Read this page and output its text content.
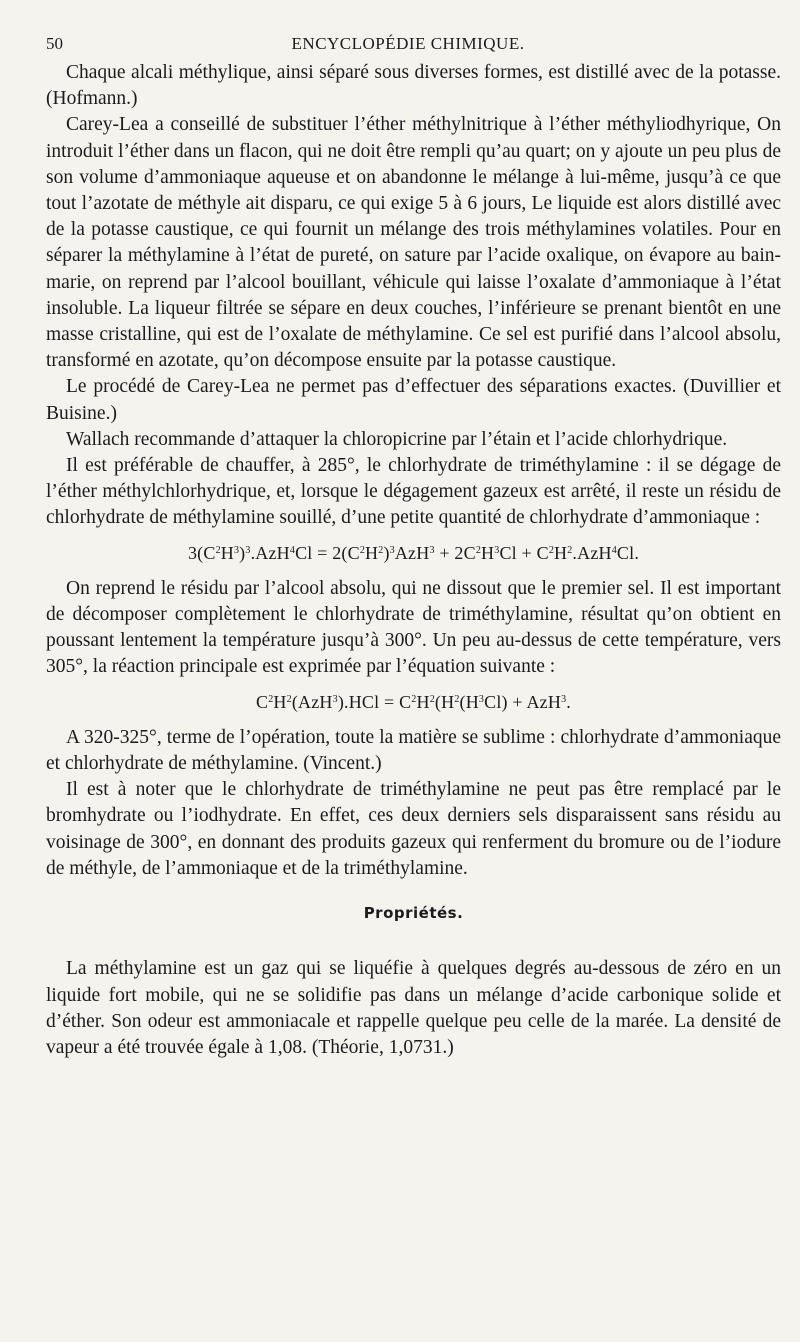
50	ENCYCLOPÉDIE CHIMIQUE.

Chaque alcali méthylique, ainsi séparé sous diverses formes, est distillé avec de la potasse. (Hofmann.)

Carey-Lea a conseillé de substituer l’éther méthylnitrique à l’éther méthyliodhyrique, On introduit l’éther dans un flacon, qui ne doit être rempli qu’au quart; on y ajoute un peu plus de son volume d’ammoniaque aqueuse et on abandonne le mélange à lui-même, jusqu’à ce que tout l’azotate de méthyle ait disparu, ce qui exige 5 à 6 jours, Le liquide est alors distillé avec de la potasse caustique, ce qui fournit un mélange des trois méthylamines volatiles. Pour en séparer la méthylamine à l’état de pureté, on sature par l’acide oxalique, on évapore au bain-marie, on reprend par l’alcool bouillant, véhicule qui laisse l’oxalate d’ammoniaque à l’état insoluble. La liqueur filtrée se sépare en deux couches, l’inférieure se prenant bientôt en une masse cristalline, qui est de l’oxalate de méthylamine. Ce sel est purifié dans l’alcool absolu, transformé en azotate, qu’on décompose ensuite par la potasse caustique.

Le procédé de Carey-Lea ne permet pas d’effectuer des séparations exactes. (Duvillier et Buisine.)

Wallach recommande d’attaquer la chloropicrine par l’étain et l’acide chlorhydrique.

Il est préférable de chauffer, à 285°, le chlorhydrate de triméthylamine : il se dégage de l’éther méthylchlorhydrique, et, lorsque le dégagement gazeux est arrêté, il reste un résidu de chlorhydrate de méthylamine souillé, d’une petite quantité de chlorhydrate d’ammoniaque :

$3(C^2H^3)^3.AzH^4Cl = 2(C^2H^2)^3AzH^3 + 2C^2H^3Cl + C^2H^2.AzH^4Cl$.

On reprend le résidu par l’alcool absolu, qui ne dissout que le premier sel. Il est important de décomposer complètement le chlorhydrate de triméthylamine, résultat qu’on obtient en poussant lentement la température jusqu’à 300°. Un peu au-dessus de cette température, vers 305°, la réaction principale est exprimée par l’équation suivante :

$C^2H^2(AzH^3).HCl = C^2H^2(H^2(H^3Cl) + AzH^3$.

A 320-325°, terme de l’opération, toute la matière se sublime : chlorhydrate d’ammoniaque et chlorhydrate de méthylamine. (Vincent.)

Il est à noter que le chlorhydrate de triméthylamine ne peut pas être remplacé par le bromhydrate ou l’iodhydrate. En effet, ces deux derniers sels disparaissent sans résidu au voisinage de 300°, en donnant des produits gazeux qui renferment du bromure ou de l’iodure de méthyle, de l’ammoniaque et de la triméthylamine.

Propriétés.

La méthylamine est un gaz qui se liquéfie à quelques degrés au-dessous de zéro en un liquide fort mobile, qui ne se solidifie pas dans un mélange d’acide carbonique solide et d’éther. Son odeur est ammoniacale et rappelle quelque peu celle de la marée. La densité de vapeur a été trouvée égale à 1,08. (Théorie, 1,0731.)
